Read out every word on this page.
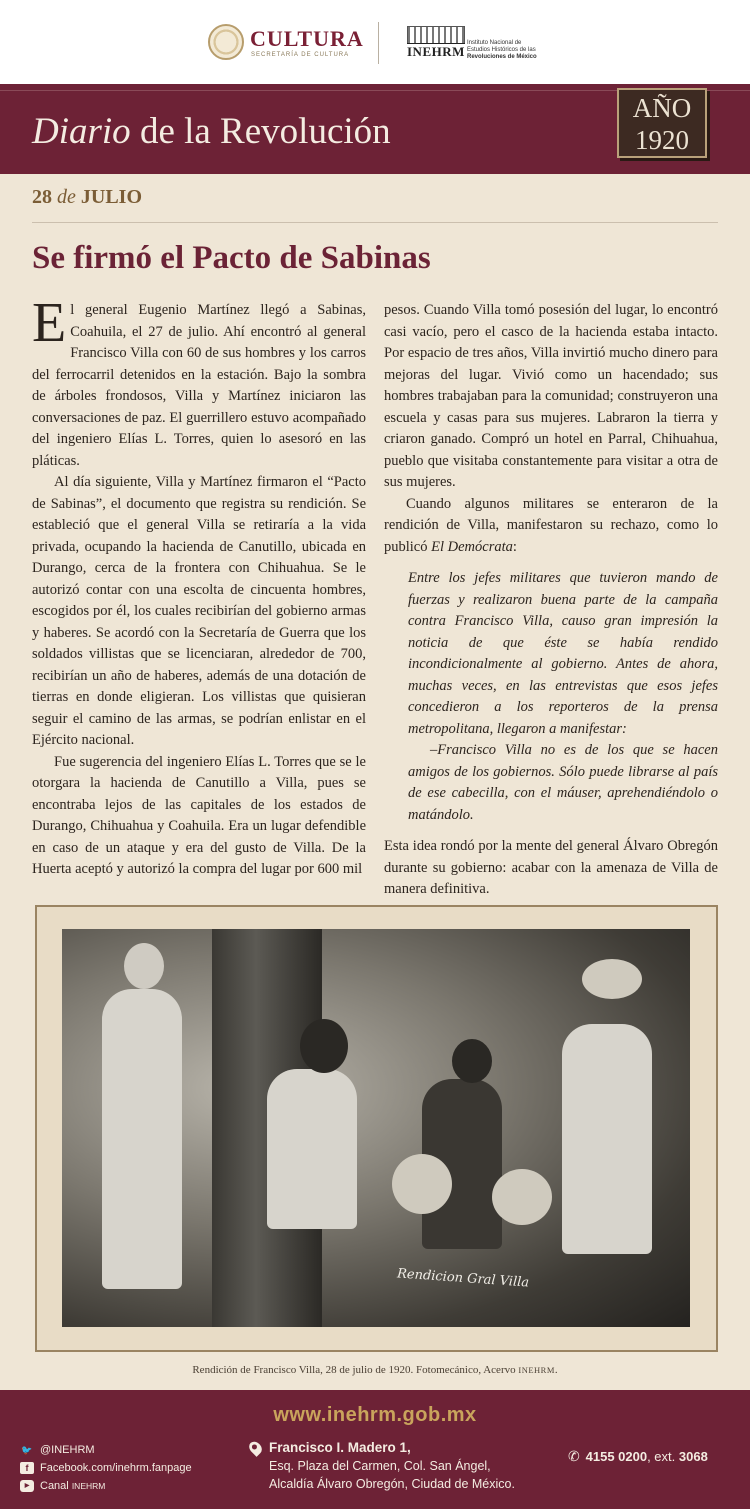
CULTURA
SECRETARÍA DE CULTURA	INEHRM
Instituto Nacional de
Estudios Históricos de las
Revoluciones de México
Diario de la Revolución
AÑO
1920
28 de JULIO
Se firmó el Pacto de Sabinas

El general Eugenio Martínez llegó a Sabinas, Coahuila, el 27 de julio. Ahí encontró al general Francisco Villa con 60 de sus hombres y los carros del ferrocarril detenidos en la estación. Bajo la sombra de árboles frondosos, Villa y Martínez iniciaron las conversaciones de paz. El guerrillero estuvo acompañado del ingeniero Elías L. Torres, quien lo asesoró en las pláticas.

Al día siguiente, Villa y Martínez firmaron el “Pacto de Sabinas”, el documento que registra su rendición. Se estableció que el general Villa se retiraría a la vida privada, ocupando la hacienda de Canutillo, ubicada en Durango, cerca de la frontera con Chihuahua. Se le autorizó contar con una escolta de cincuenta hombres, escogidos por él, los cuales recibirían del gobierno armas y haberes. Se acordó con la Secretaría de Guerra que los soldados villistas que se licenciaran, alrededor de 700, recibirían un año de haberes, además de una dotación de tierras en donde eligieran. Los villistas que quisieran seguir el camino de las armas, se podrían enlistar en el Ejército nacional.

Fue sugerencia del ingeniero Elías L. Torres que se le otorgara la hacienda de Canutillo a Villa, pues se encontraba lejos de las capitales de los estados de Durango, Chihuahua y Coahuila. Era un lugar defendible en caso de un ataque y era del gusto de Villa. De la Huerta aceptó y autorizó la compra del lugar por 600 mil

pesos. Cuando Villa tomó posesión del lugar, lo encontró casi vacío, pero el casco de la hacienda estaba intacto. Por espacio de tres años, Villa invirtió mucho dinero para mejoras del lugar. Vivió como un hacendado; sus hombres trabajaban para la comunidad; construyeron una escuela y casas para sus mujeres. Labraron la tierra y criaron ganado. Compró un hotel en Parral, Chihuahua, pueblo que visitaba constantemente para visitar a otra de sus mujeres.

Cuando algunos militares se enteraron de la rendición de Villa, manifestaron su rechazo, como lo publicó El Demócrata:

Entre los jefes militares que tuvieron mando de fuerzas y realizaron buena parte de la campaña contra Francisco Villa, causo gran impresión la noticia de que éste se había rendido incondicionalmente al gobierno. Antes de ahora, muchas veces, en las entrevistas que esos jefes concedieron a los reporteros de la prensa metropolitana, llegaron a manifestar:

–Francisco Villa no es de los que se hacen amigos de los gobiernos. Sólo puede librarse al país de ese cabecilla, con el máuser, aprehendiéndolo o matándolo.

Esta idea rondó por la mente del general Álvaro Obregón durante su gobierno: acabar con la amenaza de Villa de manera definitiva.

Rendicion Gral Villa
Rendición de Francisco Villa, 28 de julio de 1920. Fotomecánico, Acervo INEHRM.
www.inehrm.gob.mx
🐦 @INEHRM
f	Facebook.com/inehrm.fanpage
▶ Canal
INEHRM
Francisco I. Madero 1,
Esq. Plaza del Carmen, Col. San Ángel,
Alcaldía Álvaro Obregón, Ciudad de México.
✆ 4155 0200, ext. 3068
